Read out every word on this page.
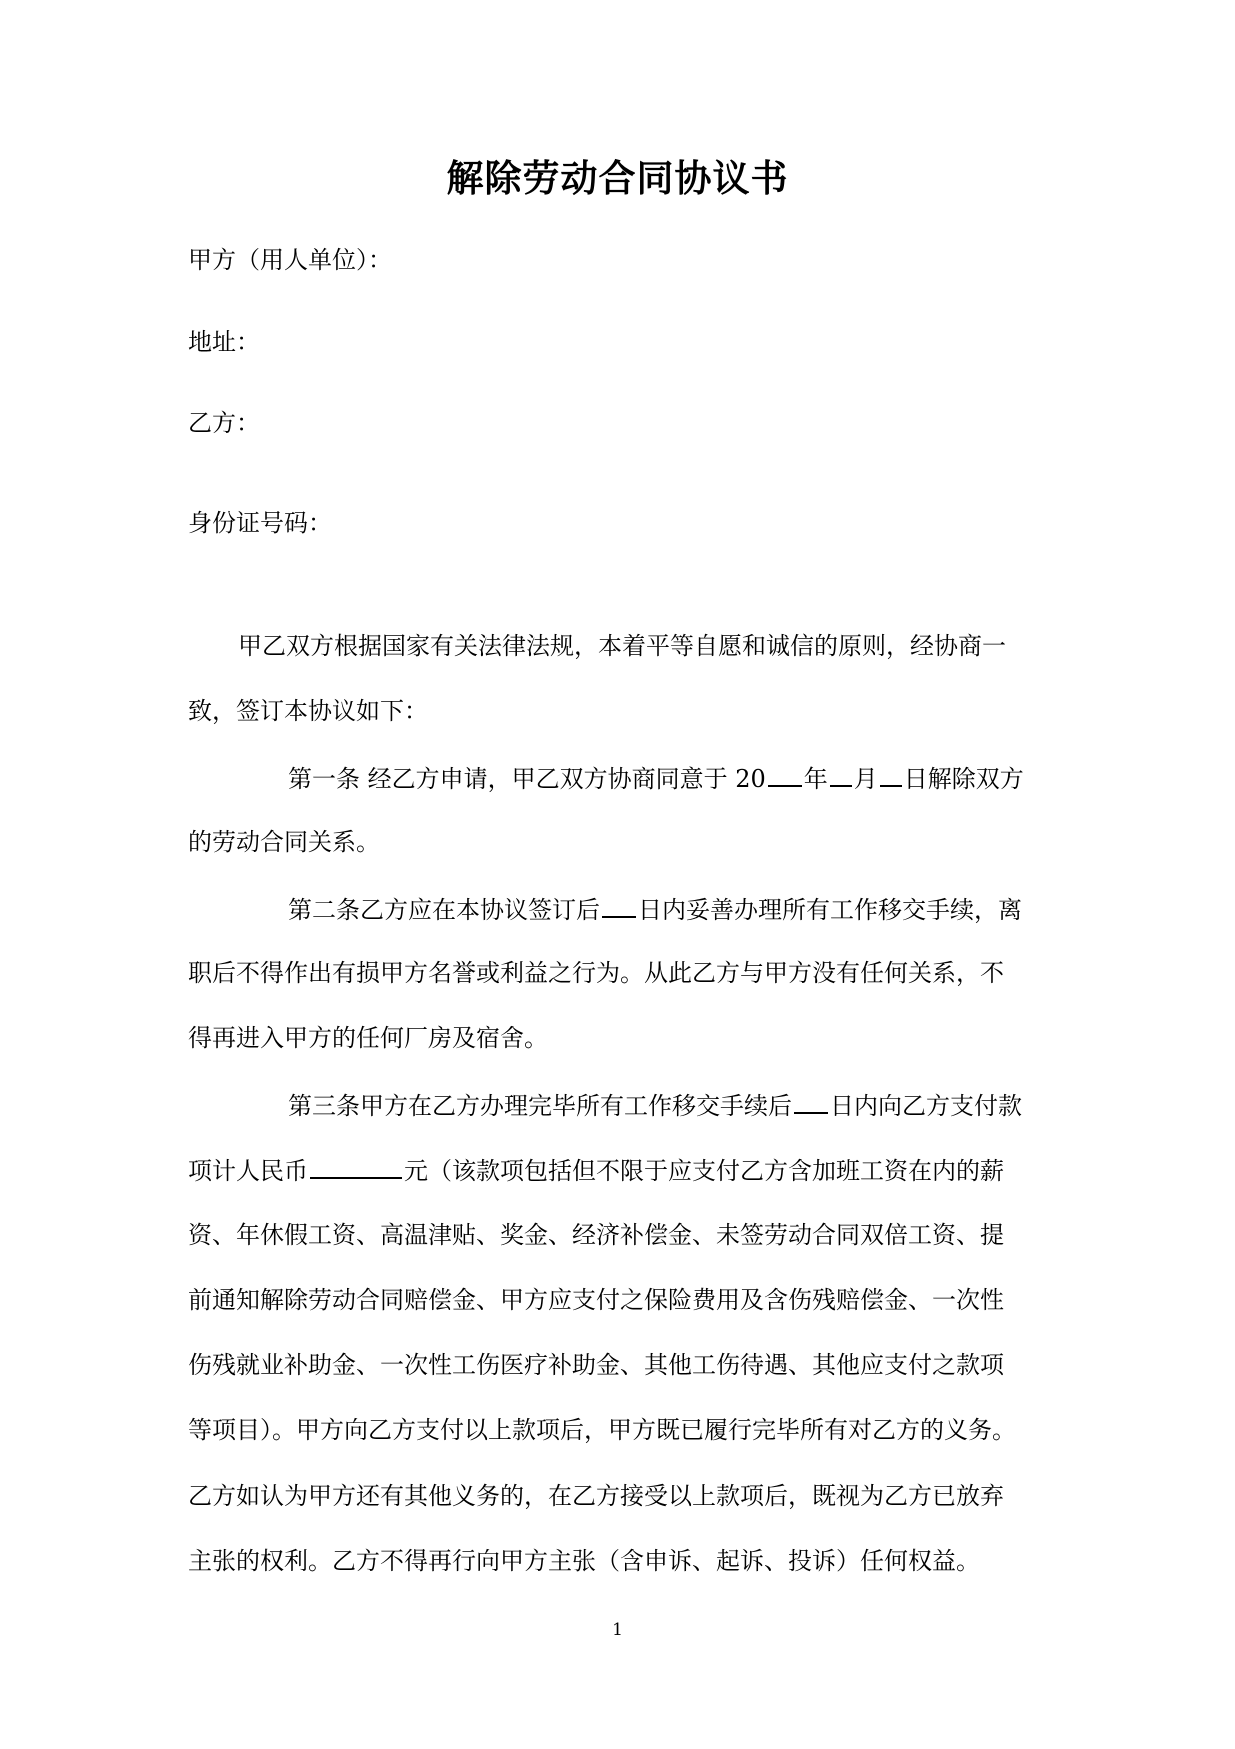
解除劳动合同协议书
甲方（用人单位）：
地址：
乙方：
身份证号码：
甲乙双方根据国家有关法律法规，本着平等自愿和诚信的原则，经协商一
致，签订本协议如下：
第一条 经乙方申请，甲乙双方协商同意于 20 年 月 日解除双方
的劳动合同关系。
第二条乙方应在本协议签订后 日内妥善办理所有工作移交手续，离
职后不得作出有损甲方名誉或利益之行为。从此乙方与甲方没有任何关系，不
得再进入甲方的任何厂房及宿舍。
第三条甲方在乙方办理完毕所有工作移交手续后 日内向乙方支付款
项计人民币	元（该款项包括但不限于应支付乙方含加班工资在内的薪
资、年休假工资、高温津贴、奖金、经济补偿金、未签劳动合同双倍工资、提
前通知解除劳动合同赔偿金、甲方应支付之保险费用及含伤残赔偿金、一次性
伤残就业补助金、一次性工伤医疗补助金、其他工伤待遇、其他应支付之款项
等项目）。甲方向乙方支付以上款项后，甲方既已履行完毕所有对乙方的义务。
乙方如认为甲方还有其他义务的，在乙方接受以上款项后，既视为乙方已放弃
主张的权利。乙方不得再行向甲方主张（含申诉、起诉、投诉）任何权益。
1
